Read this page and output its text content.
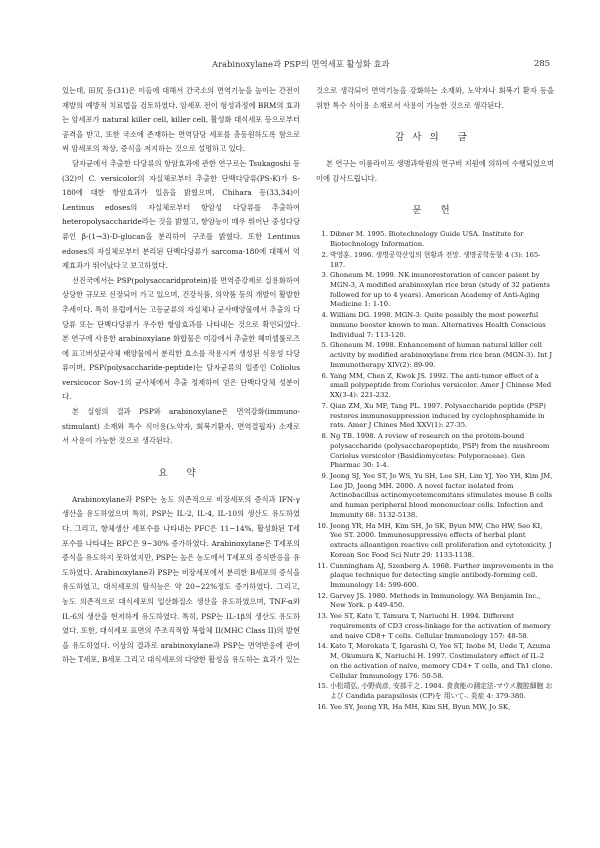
Arabinoxylane과 PSP의 면역세포 활성화 효과	285

있는데, 田尻 등(31)은 이들에 대해서 간국소의 면역기능을 높이는 간전이 재발의 예방적 치료법을 검토하였다. 암세포 전이 형성과정에 BRM의 효과는 암세포가 natural killer cell, killer cell, 활성화 대식세포 등으로부터 공격을 받고, 또한 국소에 존재하는 면역담당 세포를 총동원하도록 함으로써 암세포의 착상, 증식을 저지하는 것으로 설명하고 있다.

담자균에서 추출한 다당류의 항암효과에 관한 연구로는 Tsukagoshi 등(32)이 C. versicolor의 자실체로부터 추출한 단백다당류(PS-K)가 S-180에 대한 항암효과가 있음을 밝혔으며, Chihara 등(33,34)이 Lentinus edoses의 자실체로부터 항암성 다당류를 추출하여 heteropolysaccharide라는 것을 밝혔고, 항암능이 매우 뛰어난 중성다당류인 β-(1→3)-D-glucan을 분리하여 구조를 밝혔다. 또한 Lentinus edoses의 자실체로부터 분리된 단백다당류가 sarcoma-180에 대해서 억제효과가 뛰어났다고 보고하였다.

선진국에서는 PSP(polysaccaridprotein)를 면역증강제로 실용화하여 상당한 규모로 신장되어 가고 있으며, 건강식품, 의약품 등의 개발이 활발한 추세이다. 특히 유럽에서는 고등균류의 자실체나 균사배양물에서 추출의 다당류 또는 단백다당류가 우수한 항암효과를 나타내는 것으로 확인되었다. 본 연구에 사용한 arabinoxylane 화합물은 미강에서 추출한 헤미셀룰로즈에 표고버섯균사체 배양물에서 분리한 효소를 작용시켜 생성된 식용성 다당류이며, PSP(polysaccharide-peptide)는 담자균류의 일종인 Coliolus versicocor Sov-1의 균사체에서 추출 정제하여 얻은 단백다당체 성분이다.

본 실험의 결과 PSP와 arabinoxylane은 면역강화(immuno-stimulant) 소재와 특수 식이용(노약자, 회복기환자, 면역결핍자) 소재로서 사용이 가능한 것으로 생각된다.

요 약

Arabinoxylane과 PSP는 농도 의존적으로 비장세포의 증식과 IFN-γ 생산을 유도하였으며 특히, PSP는 IL-2, IL-4, IL-10의 생산도 유도하였다. 그리고, 항체생산 세포수를 나타내는 PFC은 11~14%, 활성화된 T세포수를 나타내는 RFC은 9~30% 증가하였다. Arabinoxylane은 T세포의 증식을 유도하지 못하였지만, PSP는 높은 농도에서 T세포의 증식반응을 유도하였다. Arabinoxylane과 PSP는 비장세포에서 분리한 B세포의 증식을 유도하였고, 대식세포의 탐식능은 약 20~22%정도 증가하였다. 그리고, 농도 의존적으로 대식세포의 일산화질소 생산을 유도하였으며, TNF-α와 IL-6의 생산을 현저하게 유도하였다. 특히, PSP는 IL-1β의 생산도 유도하였다. 또한, 대식세포 표면의 주조직적합 복합체 II(MHC Class II)의 발현을 유도하였다. 이상의 결과로 arabinoxylane과 PSP는 면역반응에 관여하는 T세포, B세포 그리고 대식세포의 다양한 활성을 유도하는 효과가 있는

것으로 생각되어 면역기능을 강화하는 소재와, 노약자나 회복기 환자 등을 위한 특수 식이용 소재로서 사용이 가능한 것으로 생각된다.

감사의 글

본 연구는 이롬라이프 생명과학원의 연구비 지원에 의하여 수행되었으며 이에 감사드립니다.

문 헌
1. Dibner M. 1995. Biotechnology Guide USA. Institute for Biotechnology Information.
2. 박영훈. 1996. 생명공학산업의 현황과 전망. 생명공학동향 4 (3): 165-187.
3. Ghoneum M. 1999. NK imunorestoration of cancer paient by MGN-3, A modified arabinoxylan rice bran (study of 32 patients followed for up to 4 years). American Academy of Anti-Aging Medicine 1: 1-10.
4. William DG. 1998. MGN-3: Quite possibly the most powerful immune booster known to man. Alternatives Health Conscious Individual 7: 113-120.
5. Ghoneum M. 1998. Enhancement of human natural killer cell activity by modified arabinoxylane from rice bran (MGN-3). Int J Immunotherapy XIV(2): 89-99.
6. Yang MM, Chen Z, Kwok JS. 1992. The anti-tumor effect of a small polypeptide from Coriolus versicolor. Amer J Chinese Med XX(3-4): 221-232.
7. Qian ZM, Xu MF, Tang PL. 1997. Polysaccharide peptide (PSP) restores immunosuppression induced by cyclophosphamide in rats. Amer J Chines Med XXV(1): 27-35.
8. Ng TB. 1998. A review of research on the protein-bound polysaccharide (polysaccharopeptide, PSP) from the mushroom Coriolus versicolor (Basidiomycetes: Polyporaceae). Gen Pharmac 30: 1-4.
9. Jeong SJ, Yee ST, Jo WS, Yu SH, Lee SH, Lim YJ, Yoo YH, Kim JM, Lee JD, Jeong MH. 2000. A novel factor isolated from Actinobacillus actinomycetemcomitans stimulates mouse B cells and human peripheral blood mononuclear cells. Infection and Immunity 68: 5132-5138.
10. Jeong YR, Ha MH, Kim SH, Jo SK, Byun MW, Cho HW, Seo KI, Yee ST. 2000. Immunosuppressive effects of herbal plant extracts alloantigen reactive cell proliferation and cytotoxicity. J Korean Soc Food Sci Nutr 29: 1133-1138.
11. Cunningham AJ, Szenberg A. 1968. Further improvements in the plaque technique for detecting single antibody-forming cell. Immunology 14: 599-600.
12. Garvey JS. 1980. Methods in Immunology. WA Benjamin Inc., New York. p 449-450.
13. Yee ST, Kato T, Tamura T, Nariuchi H. 1994. Different requirements of CD3 cross-linkage for the activation of memory and naive CD8+ T cells. Cellular Immunology 157: 48-58.
14. Kato T, Morokata T, Igarashi O, Yee ST, Inobe M, Uede T, Azuma M, Okumura K, Nariuchi H. 1997. Costimulatory effect of IL-2 on the activation of naive, memory CD4+ T cells, and Th1 clone. Cellular Immunology 176: 50-58.
15. 小松靖弘, 小野尚彦, 安部千之. 1984. 食食能の測定法-マウス腹腔細胞 および Candida parapsilosis (CP)を 用いて-. 炎症 4: 379-380.
16. Yee SY, Jeong YR, Ha MH, Kim SH, Byun MW, Jo SK,
